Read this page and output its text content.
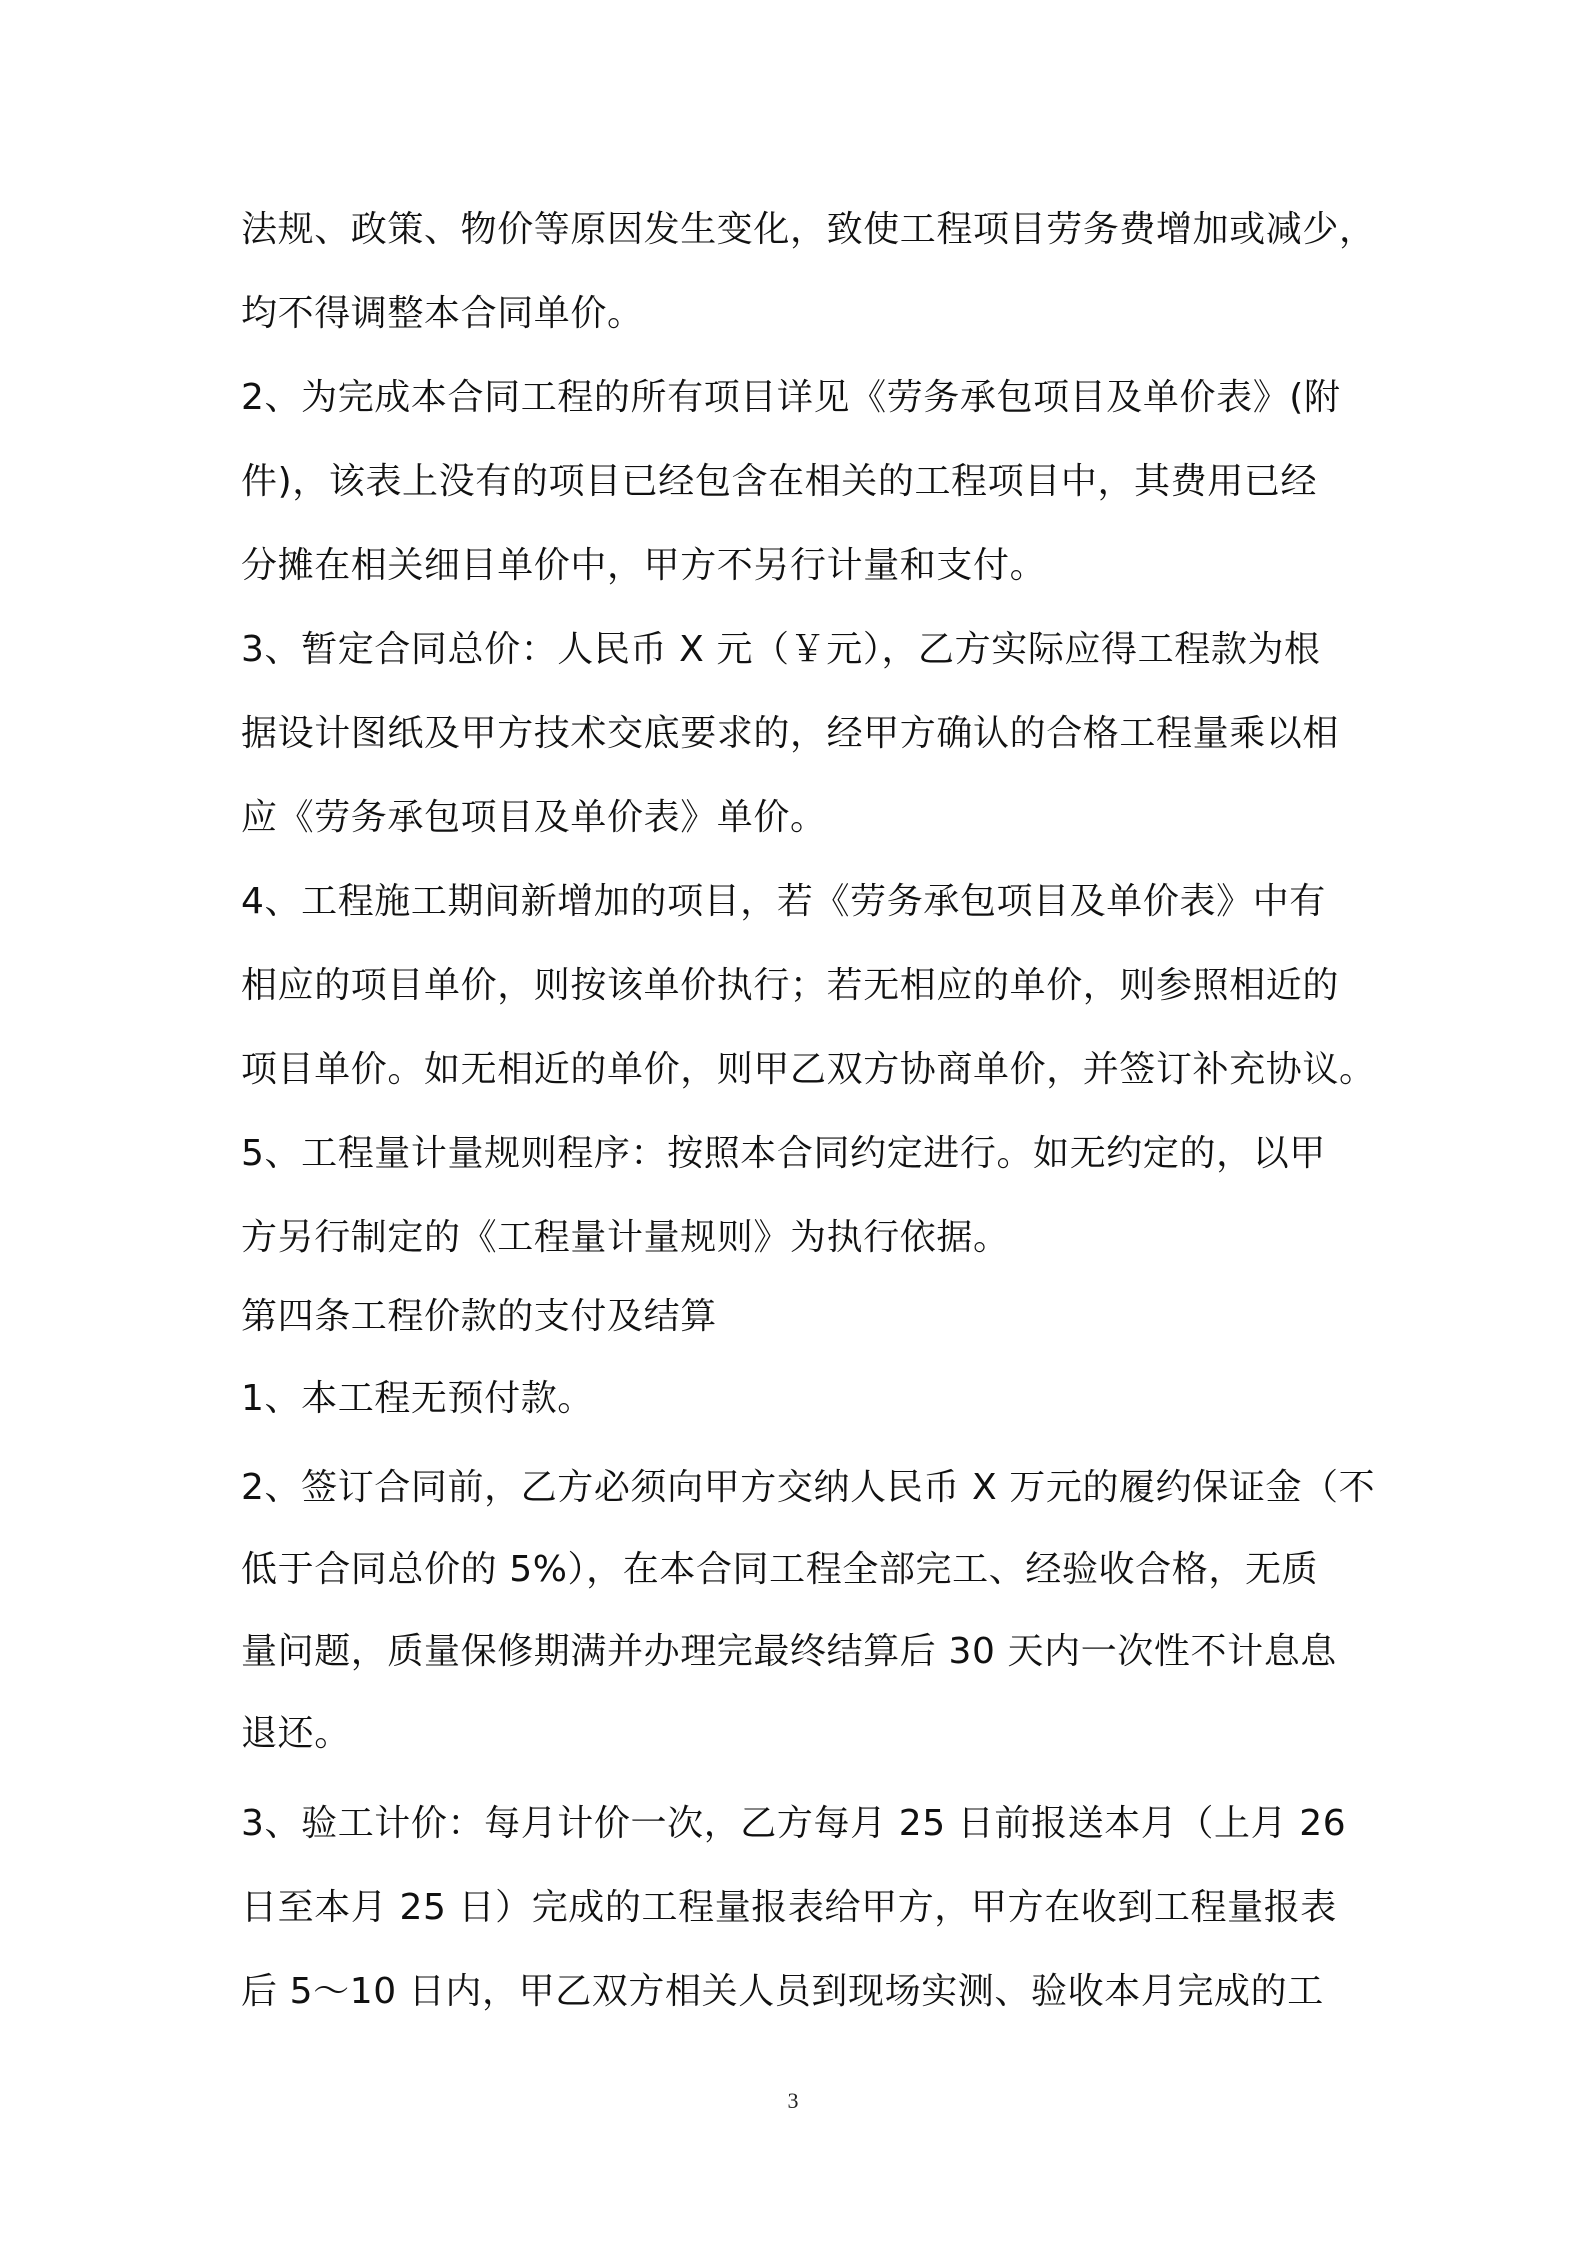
法规、政策、物价等原因发生变化，致使工程项目劳务费增加或减少，
均不得调整本合同单价。
2、为完成本合同工程的所有项目详见《劳务承包项目及单价表》(附
件)，该表上没有的项目已经包含在相关的工程项目中，其费用已经
分摊在相关细目单价中，甲方不另行计量和支付。
3、暂定合同总价：人民币 X 元（￥元），乙方实际应得工程款为根
据设计图纸及甲方技术交底要求的，经甲方确认的合格工程量乘以相
应《劳务承包项目及单价表》单价。
4、工程施工期间新增加的项目，若《劳务承包项目及单价表》中有
相应的项目单价，则按该单价执行；若无相应的单价，则参照相近的
项目单价。如无相近的单价，则甲乙双方协商单价，并签订补充协议。
5、工程量计量规则程序：按照本合同约定进行。如无约定的，以甲
方另行制定的《工程量计量规则》为执行依据。
第四条工程价款的支付及结算
1、本工程无预付款。
2、签订合同前，乙方必须向甲方交纳人民币 X 万元的履约保证金（不
低于合同总价的 5%），在本合同工程全部完工、经验收合格，无质
量问题，质量保修期满并办理完最终结算后 30 天内一次性不计息息
退还。
3、验工计价：每月计价一次，乙方每月 25 日前报送本月（上月 26
日至本月 25 日）完成的工程量报表给甲方，甲方在收到工程量报表
后 5～10 日内，甲乙双方相关人员到现场实测、验收本月完成的工
3
